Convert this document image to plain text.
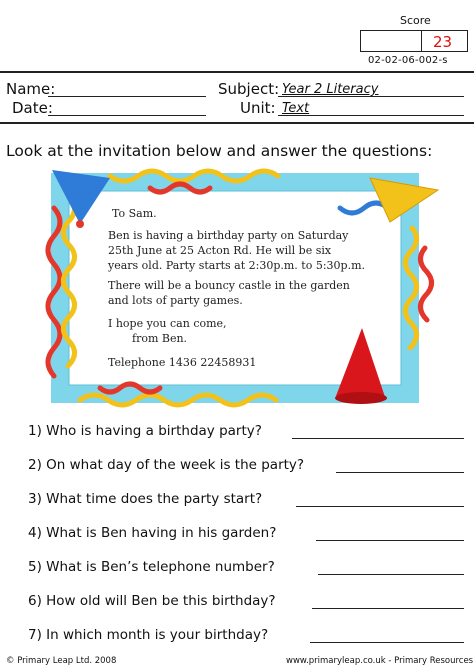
Score
23
02-02-06-002-s
Name:
Date:
Subject: Year 2 Literacy
Unit: Text
Look at the invitation below and answer the questions:
To Sam.
Ben is having a birthday party on Saturday
25th June at 25 Acton Rd. He will be six
years old. Party starts at 2:30p.m. to 5:30p.m.
There will be a bouncy castle in the garden
and lots of party games.
I hope you can come,
from Ben.
Telephone 1436 22458931
1) Who is having a birthday party?
2) On what day of the week is the party?
3) What time does the party start?
4) What is Ben having in his garden?
5) What is Ben’s telephone number?
6) How old will Ben be this birthday?
7) In which month is your birthday?
© Primary Leap Ltd. 2008	www.primaryleap.co.uk - Primary Resources
